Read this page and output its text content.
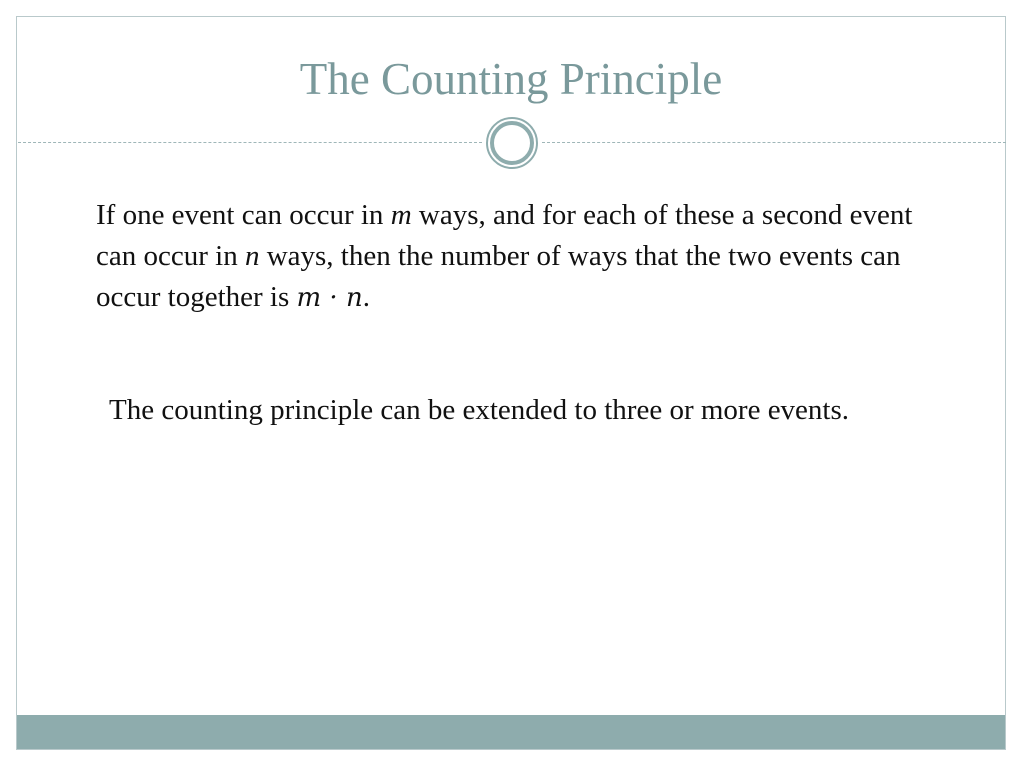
The Counting Principle

If one event can occur in m ways, and for each of these a second event can occur in n ways, then the number of ways that the two events can occur together is m · n.

The counting principle can be extended to three or more events.
